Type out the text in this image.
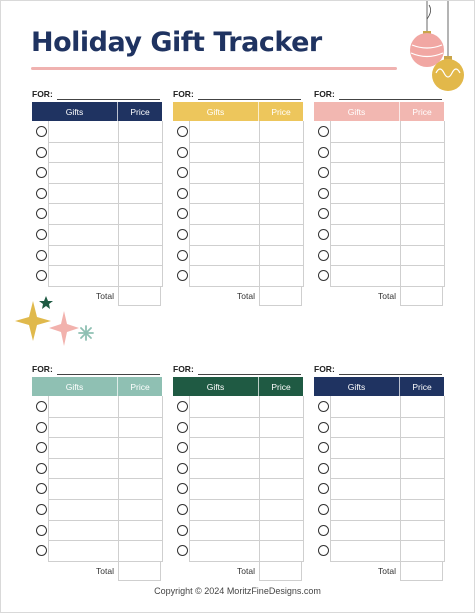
Holiday Gift Tracker
FOR:
Gifts	Price
Total
FOR:
Gifts	Price
Total
FOR:
Gifts	Price
Total
FOR:
Gifts	Price
Total
FOR:
Gifts	Price
Total
FOR:
Gifts	Price
Total
Copyright © 2024 MoritzFineDesigns.com
